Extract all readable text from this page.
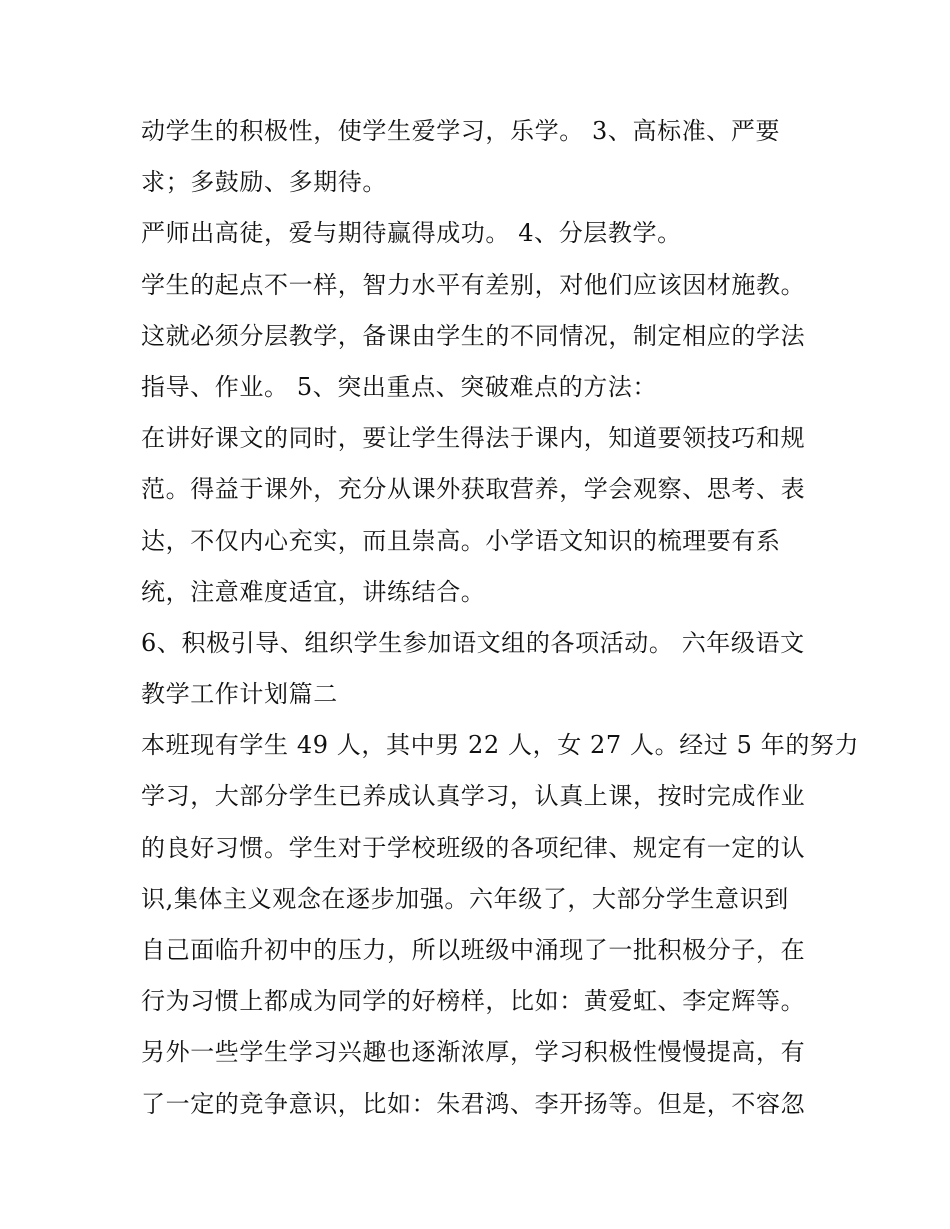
动学生的积极性，使学生爱学习，乐学。 3、高标准、严要
求；多鼓励、多期待。
严师出高徒，爱与期待赢得成功。 4、分层教学。
学生的起点不一样，智力水平有差别，对他们应该因材施教。
这就必须分层教学，备课由学生的不同情况，制定相应的学法
指导、作业。 5、突出重点、突破难点的方法：
在讲好课文的同时，要让学生得法于课内，知道要领技巧和规
范。得益于课外，充分从课外获取营养，学会观察、思考、表
达，不仅内心充实，而且崇高。小学语文知识的梳理要有系
统，注意难度适宜，讲练结合。
6、积极引导、组织学生参加语文组的各项活动。 六年级语文
教学工作计划篇二
本班现有学生 49 人，其中男 22 人，女 27 人。经过 5 年的努力
学习，大部分学生已养成认真学习，认真上课，按时完成作业
的良好习惯。学生对于学校班级的各项纪律、规定有一定的认
识,集体主义观念在逐步加强。六年级了，大部分学生意识到
自己面临升初中的压力，所以班级中涌现了一批积极分子，在
行为习惯上都成为同学的好榜样，比如：黄爱虹、李定辉等。
另外一些学生学习兴趣也逐渐浓厚，学习积极性慢慢提高，有
了一定的竞争意识，比如：朱君鸿、李开扬等。但是，不容忽
